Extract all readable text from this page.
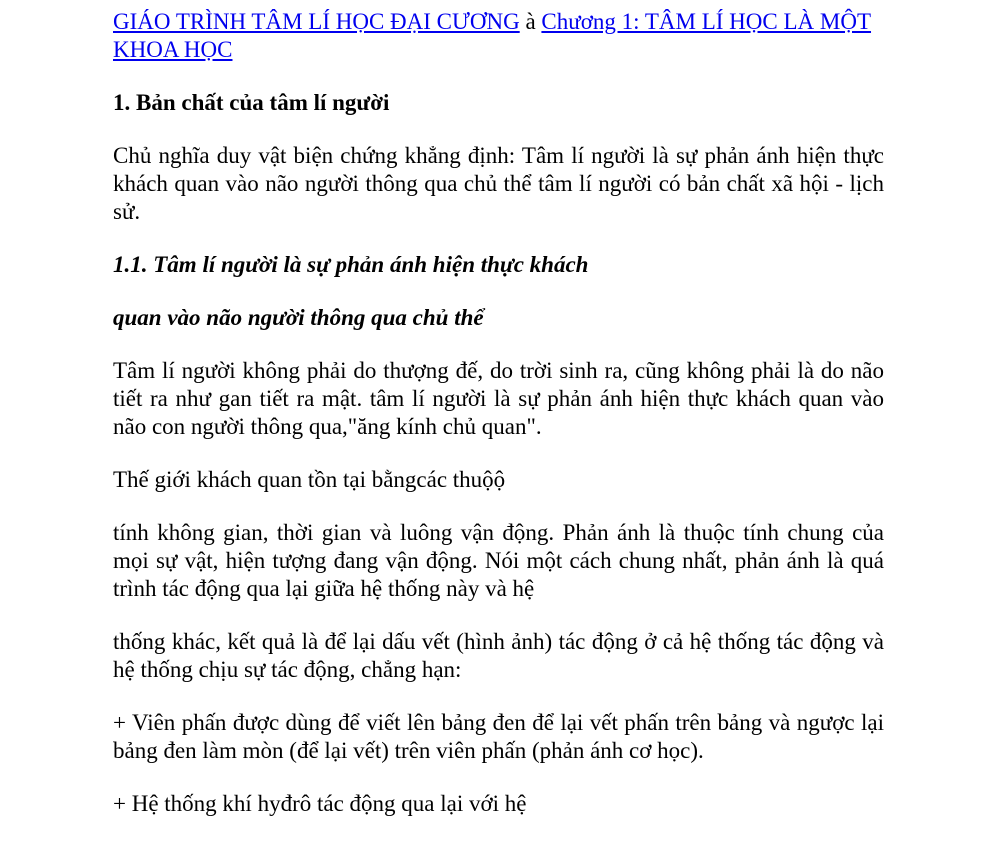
GIÁO TRÌNH TÂM LÍ HỌC ĐẠI CƯƠNG à Chương 1: TÂM LÍ HỌC LÀ MỘT KHOA HỌC

1. Bản chất của tâm lí người

Chủ nghĩa duy vật biện chứng khẳng định: Tâm lí người là sự phản ánh hiện thực khách quan vào não người thông qua chủ thể tâm lí người có bản chất xã hội - lịch sử.

1.1. Tâm lí người là sự phản ánh hiện thực khách

quan vào não người thông qua chủ thể

Tâm lí người không phải do thượng đế, do trời sinh ra, cũng không phải là do não tiết ra như gan tiết ra mật. tâm lí người là sự phản ánh hiện thực khách quan vào não con người thông qua,"ăng kính chủ quan".

Thế giới khách quan tồn tại bằngcác thuộộ

tính không gian, thời gian và luông vận động. Phản ánh là thuộc tính chung của mọi sự vật, hiện tượng đang vận động. Nói một cách chung nhất, phản ánh là quá trình tác động qua lại giữa hệ thống này và hệ

thống khác, kết quả là để lại dấu vết (hình ảnh) tác động ở cả hệ thống tác động và hệ thống chịu sự tác động, chẳng hạn:

+ Viên phấn được dùng để viết lên bảng đen để lại vết phấn trên bảng và ngược lại bảng đen làm mòn (để lại vết) trên viên phấn (phản ánh cơ học).

+ Hệ thống khí hyđrô tác động qua lại với hệ
